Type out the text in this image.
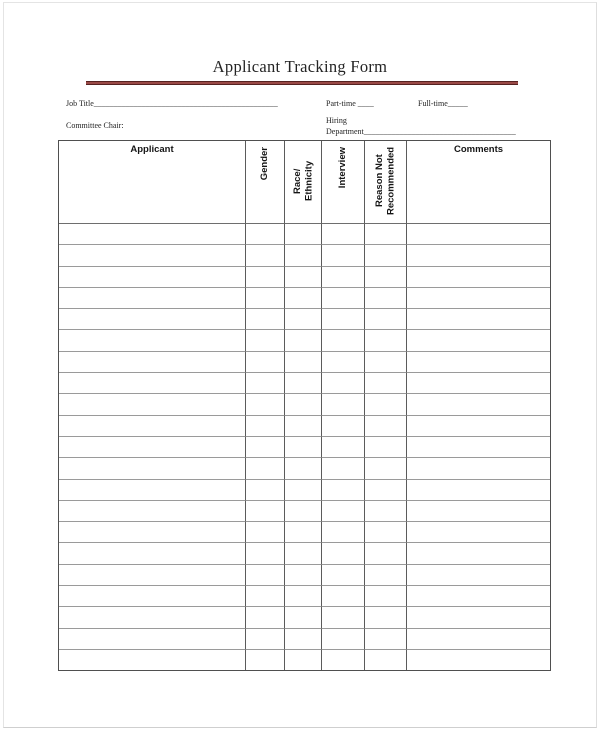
Applicant Tracking Form
Job Title______________________________________________	Part-time ____	Full-time_____
Committee Chair:
Hiring
Department______________________________________
Applicant	Gender	Race/ Ethnicity	Interview	Reason Not Recommended	Comments
